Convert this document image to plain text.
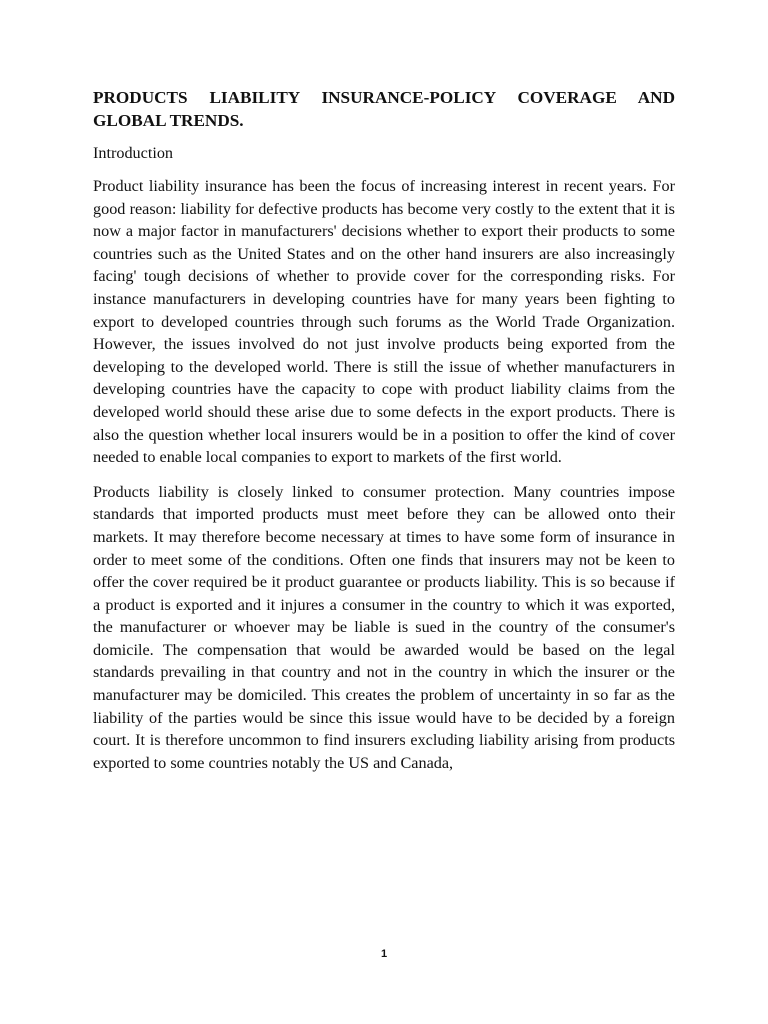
PRODUCTS LIABILITY INSURANCE-POLICY COVERAGE AND GLOBAL TRENDS.

Introduction

Product liability insurance has been the focus of increasing interest in recent years. For good reason: liability for defective products has become very costly to the extent that it is now a major factor in manufacturers' decisions whether to export their products to some countries such as the United States and on the other hand insurers are also increasingly facing' tough decisions of whether to provide cover for the corresponding risks. For instance manufacturers in developing countries have for many years been fighting to export to developed countries through such forums as the World Trade Organization. However, the issues involved do not just involve products being exported from the developing to the developed world. There is still the issue of whether manufacturers in developing countries have the capacity to cope with product liability claims from the developed world should these arise due to some defects in the export products. There is also the question whether local insurers would be in a position to offer the kind of cover needed to enable local companies to export to markets of the first world.

Products liability is closely linked to consumer protection. Many countries impose standards that imported products must meet before they can be allowed onto their markets. It may therefore become necessary at times to have some form of insurance in order to meet some of the conditions. Often one finds that insurers may not be keen to offer the cover required be it product guarantee or products liability. This is so because if a product is exported and it injures a consumer in the country to which it was exported, the manufacturer or whoever may be liable is sued in the country of the consumer's domicile. The compensation that would be awarded would be based on the legal standards prevailing in that country and not in the country in which the insurer or the manufacturer may be domiciled. This creates the problem of uncertainty in so far as the liability of the parties would be since this issue would have to be decided by a foreign court. It is therefore uncommon to find insurers excluding liability arising from products exported to some countries notably the US and Canada,

1
